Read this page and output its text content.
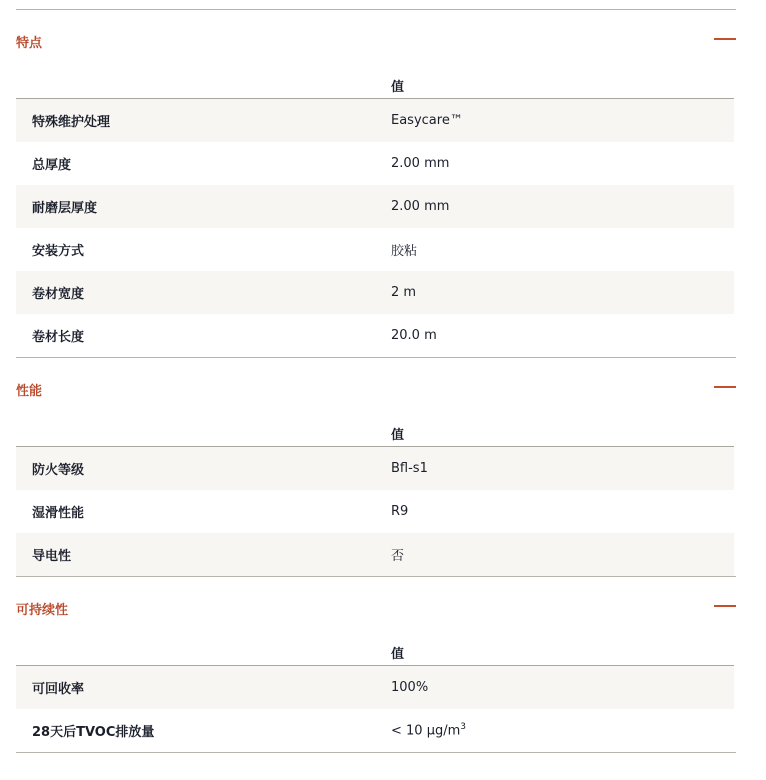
特点
值
特殊维护处理	Easycare™
总厚度	2.00 mm
耐磨层厚度	2.00 mm
安装方式	胶粘
卷材宽度	2 m
卷材长度	20.0 m
性能
值
防火等级	Bfl-s1
湿滑性能	R9
导电性	否
可持续性
值
可回收率	100%
28天后TVOC排放量	< 10 $\mu g/m^3$
